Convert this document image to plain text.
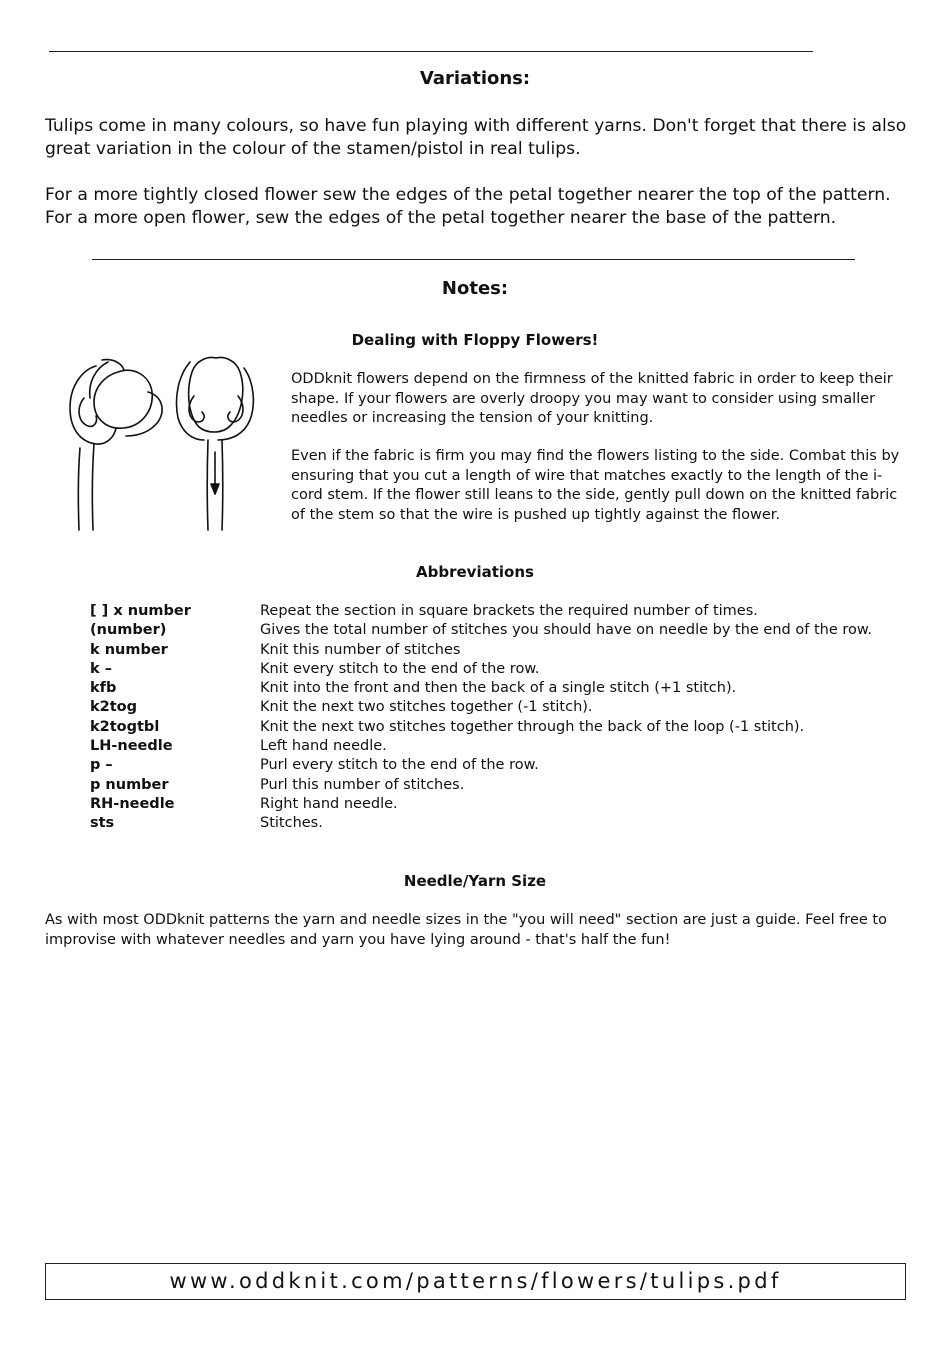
Variations:
Tulips come in many colours, so have fun playing with different yarns. Don't forget that there is also great variation in the colour of the stamen/pistol in real tulips.
For a more tightly closed flower sew the edges of the petal together nearer the top of the pattern. For a more open flower, sew the edges of the petal together nearer the base of the pattern.
Notes:
Dealing with Floppy Flowers!
ODDknit flowers depend on the firmness of the knitted fabric in order to keep their shape. If your flowers are overly droopy you may want to consider using smaller needles or increasing the tension of your knitting.
Even if the fabric is firm you may find the flowers listing to the side. Combat this by ensuring that you cut a length of wire that matches exactly to the length of the i-cord stem. If the flower still leans to the side, gently pull down on the knitted fabric of the stem so that the wire is pushed up tightly against the flower.
Abbreviations
[ ] x number	Repeat the section in square brackets the required number of times.
(number)	Gives the total number of stitches you should have on needle by the end of the row.
k number	Knit this number of stitches
k –	Knit every stitch to the end of the row.
kfb	Knit into the front and then the back of a single stitch (+1 stitch).
k2tog	Knit the next two stitches together (-1 stitch).
k2togtbl	Knit the next two stitches together through the back of the loop (-1 stitch).
LH-needle	Left hand needle.
p –	Purl every stitch to the end of the row.
p number	Purl this number of stitches.
RH-needle	Right hand needle.
sts	Stitches.
Needle/Yarn Size
As with most ODDknit patterns the yarn and needle sizes in the "you will need" section are just a guide. Feel free to improvise with whatever needles and yarn you have lying around - that's half the fun!
www.oddknit.com/patterns/flowers/tulips.pdf
